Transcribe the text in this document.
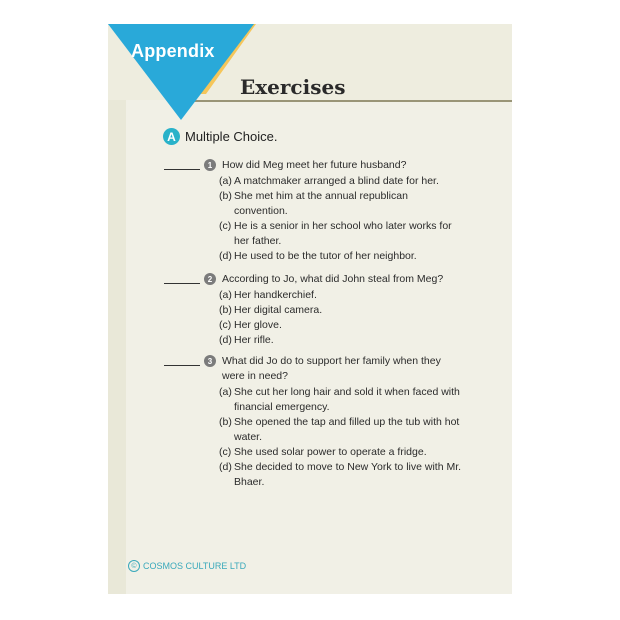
Appendix
Exercises
A Multiple Choice.
1 How did Meg meet her future husband?
(a) A matchmaker arranged a blind date for her.
(b) She met him at the annual republican convention.
(c) He is a senior in her school who later works for her father.
(d) He used to be the tutor of her neighbor.
2 According to Jo, what did John steal from Meg?
(a) Her handkerchief.
(b) Her digital camera.
(c) Her glove.
(d) Her rifle.
3 What did Jo do to support her family when they were in need?
(a) She cut her long hair and sold it when faced with financial emergency.
(b) She opened the tap and filled up the tub with hot water.
(c) She used solar power to operate a fridge.
(d) She decided to move to New York to live with Mr. Bhaer.
© COSMOS CULTURE LTD
